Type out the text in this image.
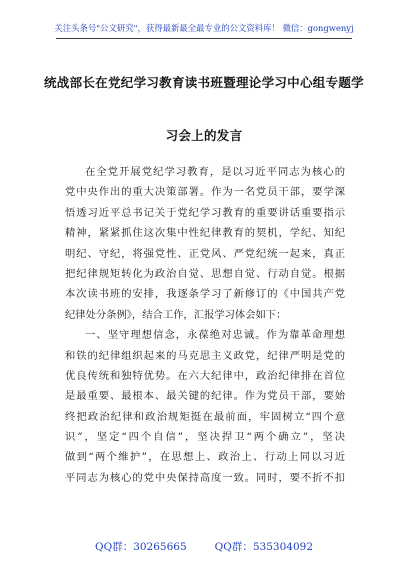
关注头条号"公文研究"，获得最新最全最专业的公文资料库！ 微信：gongwenyj
统战部长在党纪学习教育读书班暨理论学习中心组专题学
习会上的发言
在全党开展党纪学习教育，是以习近平同志为核心的
党中央作出的重大决策部署。作为一名党员干部，要学深
悟透习近平总书记关于党纪学习教育的重要讲话重要指示
精神，紧紧抓住这次集中性纪律教育的契机，学纪、知纪
明纪、守纪，将强党性、正党风、严党纪统一起来，真正
把纪律规矩转化为政治自觉、思想自觉、行动自觉。根据
本次读书班的安排，我逐条学习了新修订的《中国共产党
纪律处分条例》，结合工作，汇报学习体会如下：
一、坚守理想信念，永葆绝对忠诚。作为靠革命理想
和铁的纪律组织起来的马克思主义政党，纪律严明是党的
优良传统和独特优势。在六大纪律中，政治纪律排在首位
是最重要、最根本、最关键的纪律。作为党员干部，要始
终把政治纪律和政治规矩挺在最前面，牢固树立“四个意
识”，坚定“四个自信”，坚决捍卫“两个确立”，坚决
做到“两个维护”，在思想上、政治上、行动上同以习近
平同志为核心的党中央保持高度一致。同时，要不折不扣
QQ群：30265665	QQ群：535304092
